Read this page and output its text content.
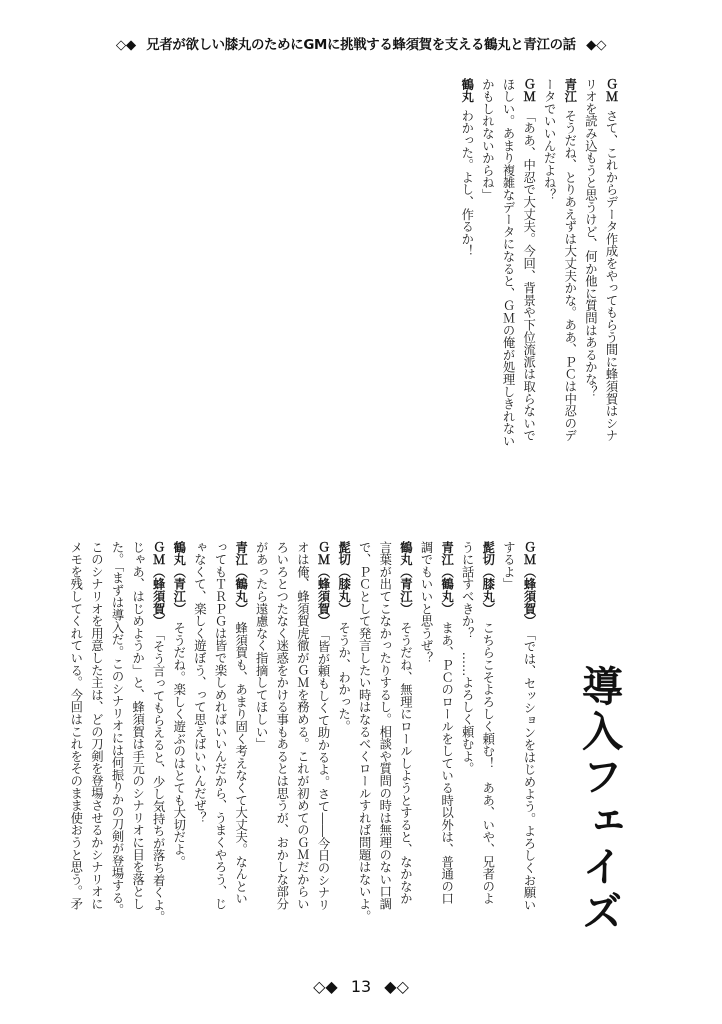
◇◆ 兄者が欲しい膝丸のためにGMに挑戦する蜂須賀を支える鶴丸と青江の話 ◆◇
ＧＭさて、これからデータ作成をやってもらう間に蜂須賀はシナ
リオを読み込もうと思うけど、何か他に質問はあるかな？
青江そうだね、とりあえずは大丈夫かな。ああ、ＰＣは中忍のデ
ータでいいんだよね？
ＧＭ「ああ、中忍で大丈夫。今回、背景や下位流派は取らないで
ほしい。あまり複雑なデータになると、ＧＭの俺が処理しきれない
かもしれないからね」
鶴丸わかった。よし、作るか！
導入フェイズ
ＧＭ（蜂須賀）「では、セッションをはじめよう。よろしくお願い
するよ」
髭切（膝丸）こちらこそよろしく頼む！　ああ、いや、兄者のよ
うに話すべきか？　……よろしく頼むよ。
青江（鶴丸）まあ、ＰＣのロールをしている時以外は、普通の口
調でもいいと思うぜ？
鶴丸（青江）そうだね、無理にロールしようとすると、なかなか
言葉が出てこなかったりするし。相談や質問の時は無理のない口調
で、ＰＣとして発言したい時はなるべくロールすれば問題はないよ。
髭切（膝丸）そうか、わかった。
ＧＭ（蜂須賀）「皆が頼もしくて助かるよ。さて――今日のシナリ
オは俺、蜂須賀虎徹がＧＭを務める。これが初めてのＧＭだからい
ろいろとつたなく迷惑をかける事もあるとは思うが、おかしな部分
があったら遠慮なく指摘してほしい」
青江（鶴丸）蜂須賀も、あまり固く考えなくて大丈夫。なんとい
ってもＴＲＰＧは皆で楽しめればいいんだから、うまくやろう、じ
ゃなくて、楽しく遊ぼう、って思えばいいんだぜ？
鶴丸（青江）そうだね。楽しく遊ぶのはとても大切だよ。
ＧＭ（蜂須賀）「そう言ってもらえると、少し気持ちが落ち着くよ。
じゃあ、はじめようか」と、蜂須賀は手元のシナリオに目を落とし
た。「まずは導入だ。このシナリオには何振りかの刀剣が登場する。
このシナリオを用意した主は、どの刀剣を登場させるかシナリオに
メモを残してくれている。今回はこれをそのまま使おうと思う。矛
◇◆ 13 ◆◇
